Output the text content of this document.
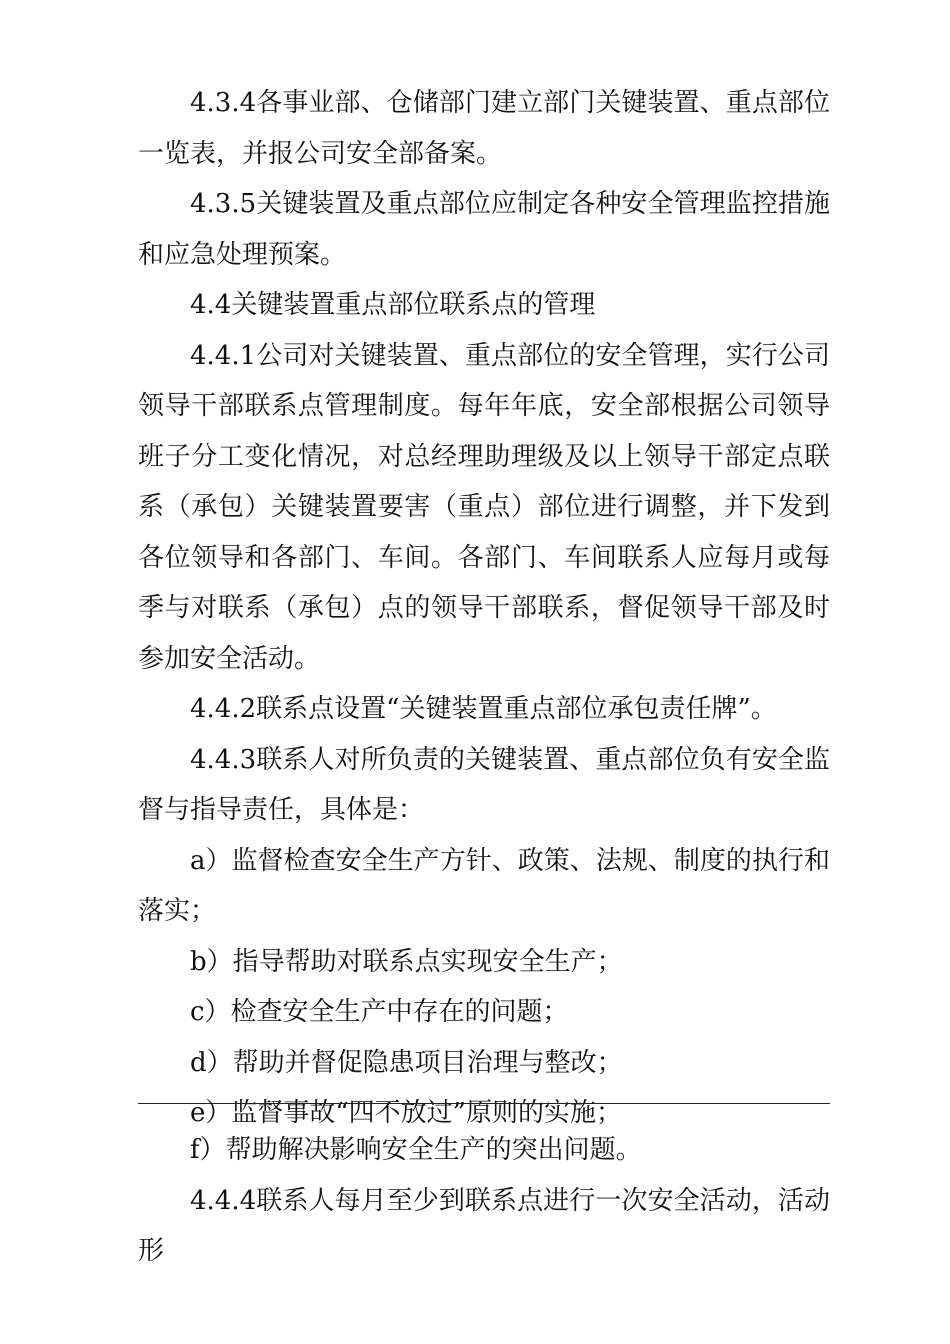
4.3.4各事业部、仓储部门建立部门关键装置、重点部位一览表，并报公司安全部备案。

4.3.5关键装置及重点部位应制定各种安全管理监控措施和应急处理预案。

4.4关键装置重点部位联系点的管理

4.4.1公司对关键装置、重点部位的安全管理，实行公司领导干部联系点管理制度。每年年底，安全部根据公司领导班子分工变化情况，对总经理助理级及以上领导干部定点联系（承包）关键装置要害（重点）部位进行调整，并下发到各位领导和各部门、车间。各部门、车间联系人应每月或每季与对联系（承包）点的领导干部联系，督促领导干部及时参加安全活动。

4.4.2联系点设置“关键装置重点部位承包责任牌”。

4.4.3联系人对所负责的关键装置、重点部位负有安全监督与指导责任，具体是：

a）监督检查安全生产方针、政策、法规、制度的执行和落实；

b）指导帮助对联系点实现安全生产；

c）检查安全生产中存在的问题；

d）帮助并督促隐患项目治理与整改；

e）监督事故“四不放过”原则的实施；

f）帮助解决影响安全生产的突出问题。

4.4.4联系人每月至少到联系点进行一次安全活动，活动形
